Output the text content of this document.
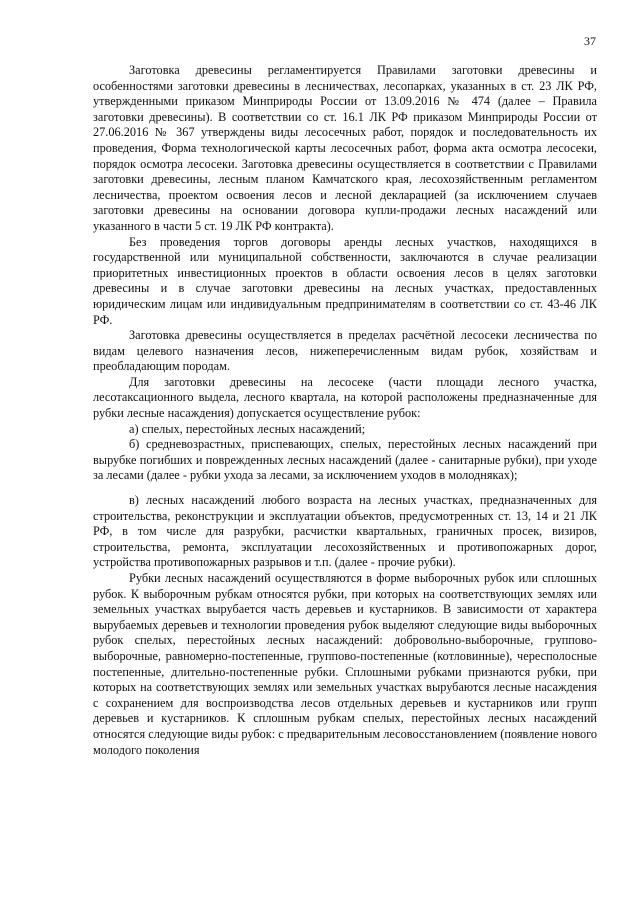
37

Заготовка древесины регламентируется Правилами заготовки древесины и особенностями заготовки древесины в лесничествах, лесопарках, указанных в ст. 23 ЛК РФ, утвержденными приказом Минприроды России от 13.09.2016 № 474 (далее – Правила заготовки древесины). В соответствии со ст. 16.1 ЛК РФ приказом Минприроды России от 27.06.2016 № 367 утверждены виды лесосечных работ, порядок и последовательность их проведения, Форма технологической карты лесосечных работ, форма акта осмотра лесосеки, порядок осмотра лесосеки. Заготовка древесины осуществляется в соответствии с Правилами заготовки древесины, лесным планом Камчатского края, лесохозяйственным регламентом лесничества, проектом освоения лесов и лесной декларацией (за исключением случаев заготовки древесины на основании договора купли-продажи лесных насаждений или указанного в части 5 ст. 19 ЛК РФ контракта).

Без проведения торгов договоры аренды лесных участков, находящихся в государственной или муниципальной собственности, заключаются в случае реализации приоритетных инвестиционных проектов в области освоения лесов в целях заготовки древесины и в случае заготовки древесины на лесных участках, предоставленных юридическим лицам или индивидуальным предпринимателям в соответствии со ст. 43-46 ЛК РФ.

Заготовка древесины осуществляется в пределах расчётной лесосеки лесничества по видам целевого назначения лесов, нижеперечисленным видам рубок, хозяйствам и преобладающим породам.

Для заготовки древесины на лесосеке (части площади лесного участка, лесотаксационного выдела, лесного квартала, на которой расположены предназначенные для рубки лесные насаждения) допускается осуществление рубок:

а) спелых, перестойных лесных насаждений;

б) средневозрастных, приспевающих, спелых, перестойных лесных насаждений при вырубке погибших и поврежденных лесных насаждений (далее - санитарные рубки), при уходе за лесами (далее - рубки ухода за лесами, за исключением уходов в молодняках);

в) лесных насаждений любого возраста на лесных участках, предназначенных для строительства, реконструкции и эксплуатации объектов, предусмотренных ст. 13, 14 и 21 ЛК РФ, в том числе для разрубки, расчистки квартальных, граничных просек, визиров, строительства, ремонта, эксплуатации лесохозяйственных и противопожарных дорог, устройства противопожарных разрывов и т.п. (далее - прочие рубки).

Рубки лесных насаждений осуществляются в форме выборочных рубок или сплошных рубок. К выборочным рубкам относятся рубки, при которых на соответствующих землях или земельных участках вырубается часть деревьев и кустарников. В зависимости от характера вырубаемых деревьев и технологии проведения рубок выделяют следующие виды выборочных рубок спелых, перестойных лесных насаждений: добровольно-выборочные, группово-выборочные, равномерно-постепенные, группово-постепенные (котловинные), чересполосные постепенные, длительно-постепенные рубки. Сплошными рубками признаются рубки, при которых на соответствующих землях или земельных участках вырубаются лесные насаждения с сохранением для воспроизводства лесов отдельных деревьев и кустарников или групп деревьев и кустарников. К сплошным рубкам спелых, перестойных лесных насаждений относятся следующие виды рубок: с предварительным лесовосстановлением (появление нового молодого поколения
